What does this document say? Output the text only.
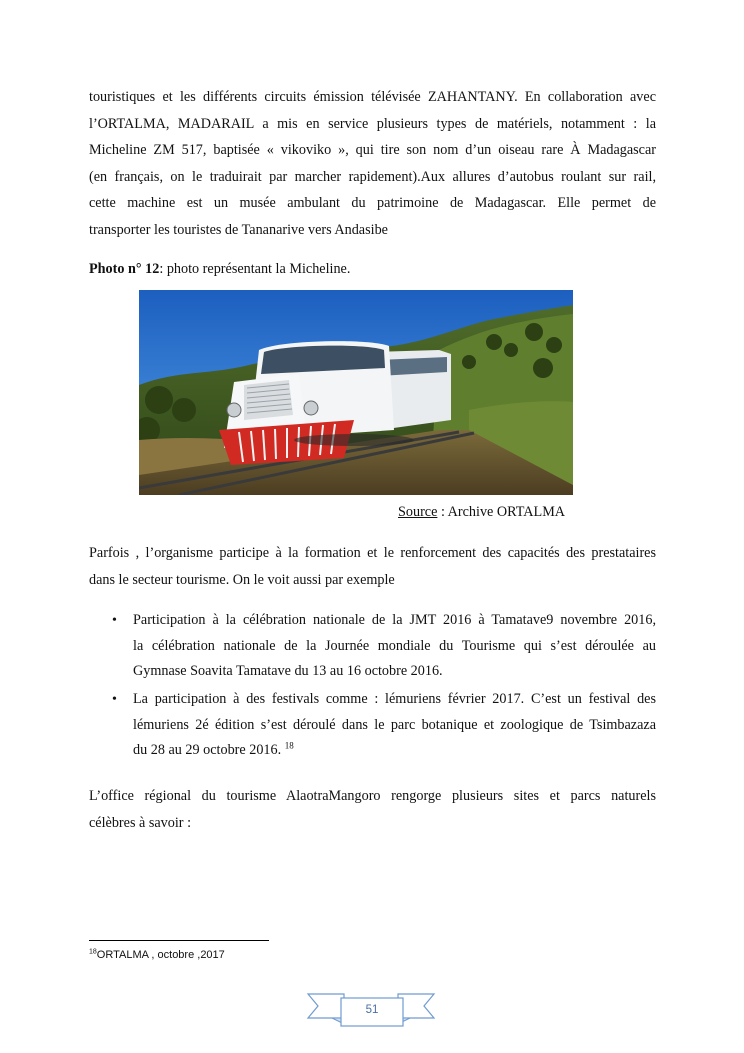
touristiques et les différents circuits émission télévisée ZAHANTANY. En collaboration avec
l’ORTALMA, MADARAIL a mis en service plusieurs types de matériels, notamment : la
Micheline ZM 517, baptisée « vikoviko », qui tire son nom d’un oiseau rare À Madagascar
(en français, on le traduirait par marcher rapidement).Aux allures d’autobus roulant sur rail,
cette machine est un musée ambulant du patrimoine de Madagascar. Elle permet de
transporter les touristes de Tananarive vers Andasibe
Photo n° 12: photo représentant la Micheline.
Source : Archive ORTALMA
Parfois , l’organisme participe à la formation et le renforcement des capacités des prestataires
dans le secteur tourisme. On le voit aussi par exemple
• Participation à la célébration nationale de la JMT 2016 à Tamatave9 novembre 2016,
la célébration nationale de la Journée mondiale du Tourisme qui s’est déroulée au
Gymnase Soavita Tamatave du 13 au 16 octobre 2016.
• La participation à des festivals comme : lémuriens février 2017. C’est un festival des
lémuriens 2é édition s’est déroulé dans le parc botanique et zoologique de Tsimbazaza
du 28 au 29 octobre 2016. $^{18}$
L’office régional du tourisme AlaotraMangoro rengorge plusieurs sites et parcs naturels
célèbres à savoir :
$^{18}$ORTALMA , octobre ,2017
51
